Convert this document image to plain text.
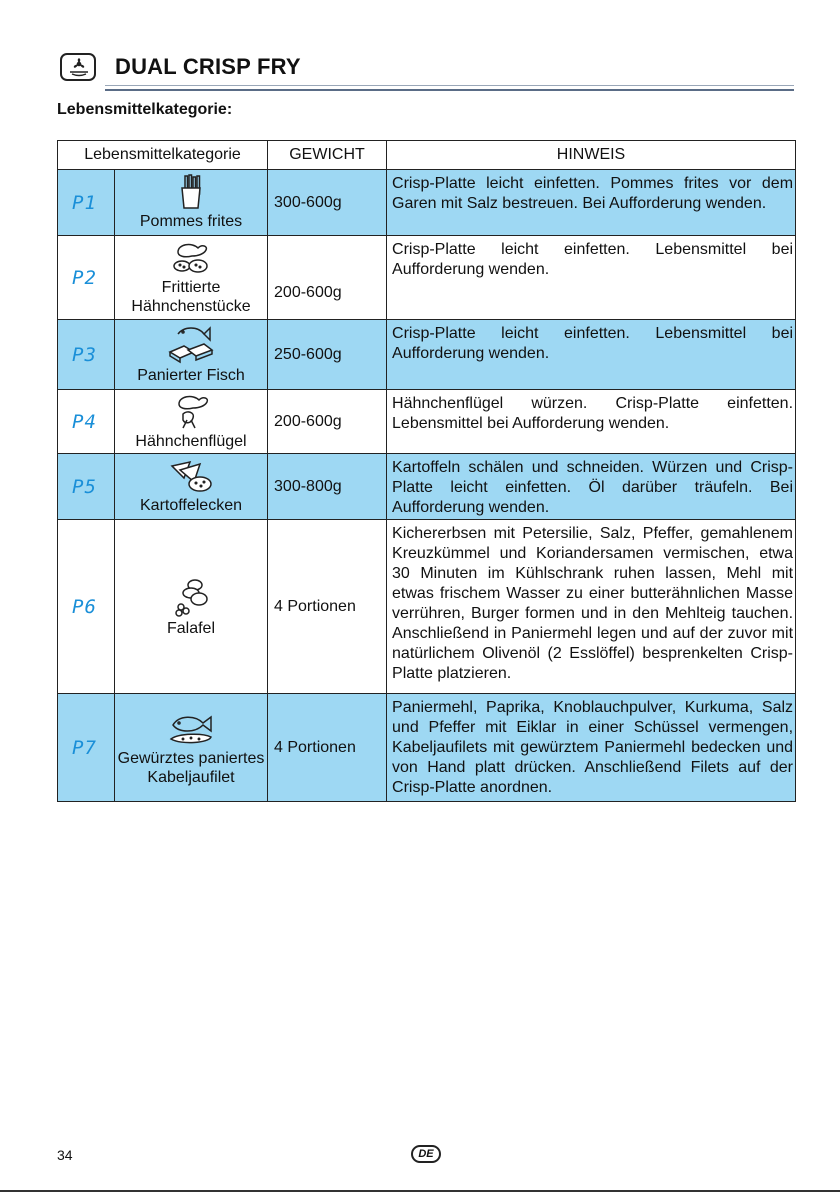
DUAL CRISP FRY
Lebensmittelkategorie:
Lebensmittelkategorie		GEWICHT	HINWEIS
P1	Pommes frites	300-600g	Crisp-Platte leicht einfetten. Pommes frites vor dem Garen mit Salz bestreuen. Bei Aufforderung wenden.
P2	Frittierte Hähnchenstücke	200-600g	Crisp-Platte leicht einfetten. Lebensmittel bei Aufforderung wenden.
P3	Panierter Fisch	250-600g	Crisp-Platte leicht einfetten. Lebensmittel bei Aufforderung wenden.
P4	Hähnchenflügel	200-600g	Hähnchenflügel würzen. Crisp-Platte einfetten. Lebensmittel bei Aufforderung wenden.
P5	Kartoffelecken	300-800g	Kartoffeln schälen und schneiden. Würzen und Crisp-Platte leicht einfetten. Öl darüber träufeln. Bei Aufforderung wenden.
P6	Falafel	4 Portionen	Kichererbsen mit Petersilie, Salz, Pfeffer, gemahlenem Kreuzkümmel und Koriandersamen vermischen, etwa 30 Minuten im Kühlschrank ruhen lassen, Mehl mit etwas frischem Wasser zu einer butterähnlichen Masse verrühren, Burger formen und in den Mehlteig tauchen. Anschließend in Paniermehl legen und auf der zuvor mit natürlichem Olivenöl (2 Esslöffel) besprenkelten Crisp-Platte platzieren.
P7	Gewürztes paniertes Kabeljaufilet	4 Portionen	Paniermehl, Paprika, Knoblauchpulver, Kurkuma, Salz und Pfeffer mit Eiklar in einer Schüssel vermengen, Kabeljaufilets mit gewürztem Paniermehl bedecken und von Hand platt drücken. Anschließend Filets auf der Crisp-Platte anordnen.
34	DE
